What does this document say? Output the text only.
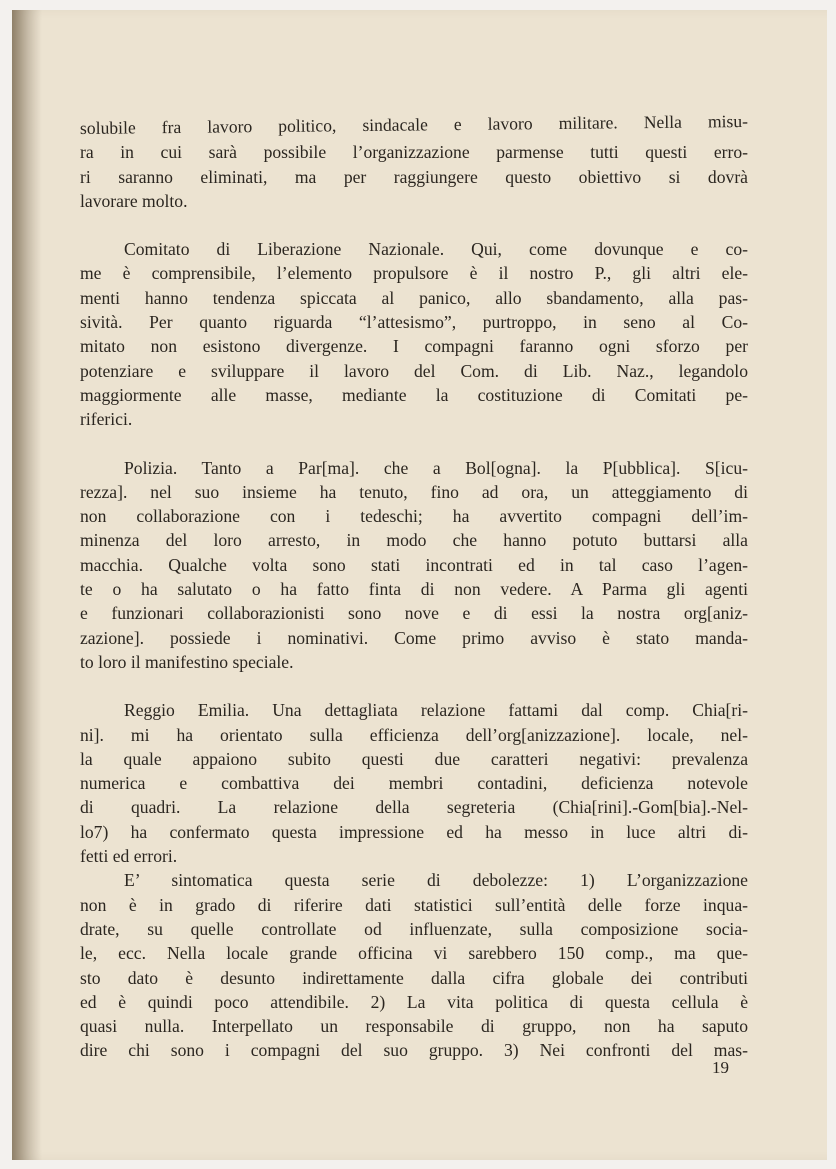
solubile fra lavoro politico, sindacale e lavoro militare. Nella misu-
ra in cui sarà possibile l’organizzazione parmense tutti questi erro-
ri saranno eliminati, ma per raggiungere questo obiettivo si dovrà
lavorare molto.
Comitato di Liberazione Nazionale. Qui, come dovunque e co-
me è comprensibile, l’elemento propulsore è il nostro P., gli altri ele-
menti hanno tendenza spiccata al panico, allo sbandamento, alla pas-
sività. Per quanto riguarda “l’attesismo”, purtroppo, in seno al Co-
mitato non esistono divergenze. I compagni faranno ogni sforzo per
potenziare e sviluppare il lavoro del Com. di Lib. Naz., legandolo
maggiormente alle masse, mediante la costituzione di Comitati pe-
riferici.
Polizia. Tanto a Par[ma]. che a Bol[ogna]. la P[ubblica]. S[icu-
rezza]. nel suo insieme ha tenuto, fino ad ora, un atteggiamento di
non collaborazione con i tedeschi; ha avvertito compagni dell’im-
minenza del loro arresto, in modo che hanno potuto buttarsi alla
macchia. Qualche volta sono stati incontrati ed in tal caso l’agen-
te o ha salutato o ha fatto finta di non vedere. A Parma gli agenti
e funzionari collaborazionisti sono nove e di essi la nostra org[aniz-
zazione]. possiede i nominativi. Come primo avviso è stato manda-
to loro il manifestino speciale.
Reggio Emilia. Una dettagliata relazione fattami dal comp. Chia[ri-
ni]. mi ha orientato sulla efficienza dell’org[anizzazione]. locale, nel-
la quale appaiono subito questi due caratteri negativi: prevalenza
numerica e combattiva dei membri contadini, deficienza notevole
di quadri. La relazione della segreteria (Chia[rini].-Gom[bia].-Nel-
lo7) ha confermato questa impressione ed ha messo in luce altri di-
fetti ed errori.
E’ sintomatica questa serie di debolezze: 1) L’organizzazione
non è in grado di riferire dati statistici sull’entità delle forze inqua-
drate, su quelle controllate od influenzate, sulla composizione socia-
le, ecc. Nella locale grande officina vi sarebbero 150 comp., ma que-
sto dato è desunto indirettamente dalla cifra globale dei contributi
ed è quindi poco attendibile. 2) La vita politica di questa cellula è
quasi nulla. Interpellato un responsabile di gruppo, non ha saputo
dire chi sono i compagni del suo gruppo. 3) Nei confronti del mas-
19
